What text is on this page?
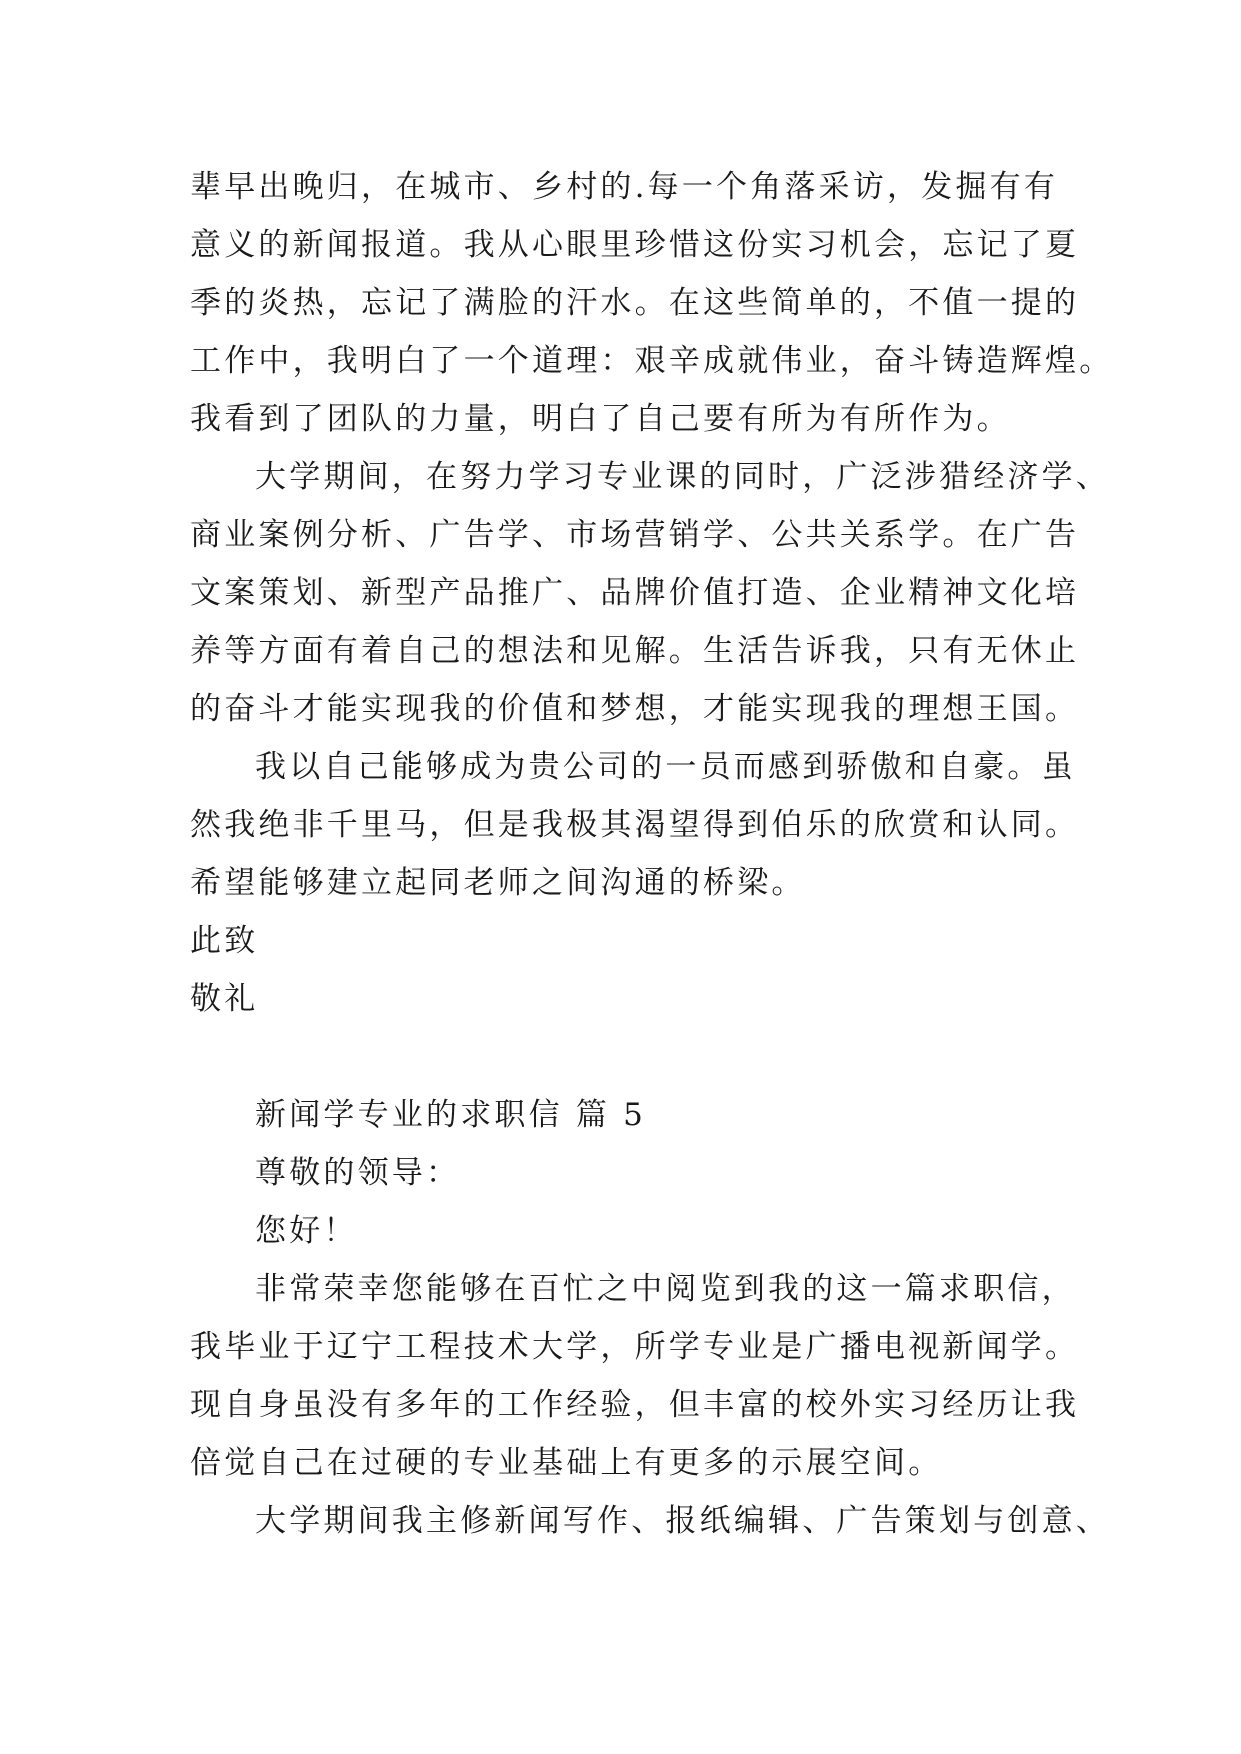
辈早出晚归，在城市、乡村的.每一个角落采访，发掘有有
意义的新闻报道。我从心眼里珍惜这份实习机会，忘记了夏
季的炎热，忘记了满脸的汗水。在这些简单的，不值一提的
工作中，我明白了一个道理：艰辛成就伟业，奋斗铸造辉煌。
我看到了团队的力量，明白了自己要有所为有所作为。
大学期间，在努力学习专业课的同时，广泛涉猎经济学、
商业案例分析、广告学、市场营销学、公共关系学。在广告
文案策划、新型产品推广、品牌价值打造、企业精神文化培
养等方面有着自己的想法和见解。生活告诉我，只有无休止
的奋斗才能实现我的价值和梦想，才能实现我的理想王国。
我以自己能够成为贵公司的一员而感到骄傲和自豪。虽
然我绝非千里马，但是我极其渴望得到伯乐的欣赏和认同。
希望能够建立起同老师之间沟通的桥梁。
此致
敬礼
新闻学专业的求职信 篇 5
尊敬的领导：
您好！
非常荣幸您能够在百忙之中阅览到我的这一篇求职信，
我毕业于辽宁工程技术大学，所学专业是广播电视新闻学。
现自身虽没有多年的工作经验，但丰富的校外实习经历让我
倍觉自己在过硬的专业基础上有更多的示展空间。
大学期间我主修新闻写作、报纸编辑、广告策划与创意、
